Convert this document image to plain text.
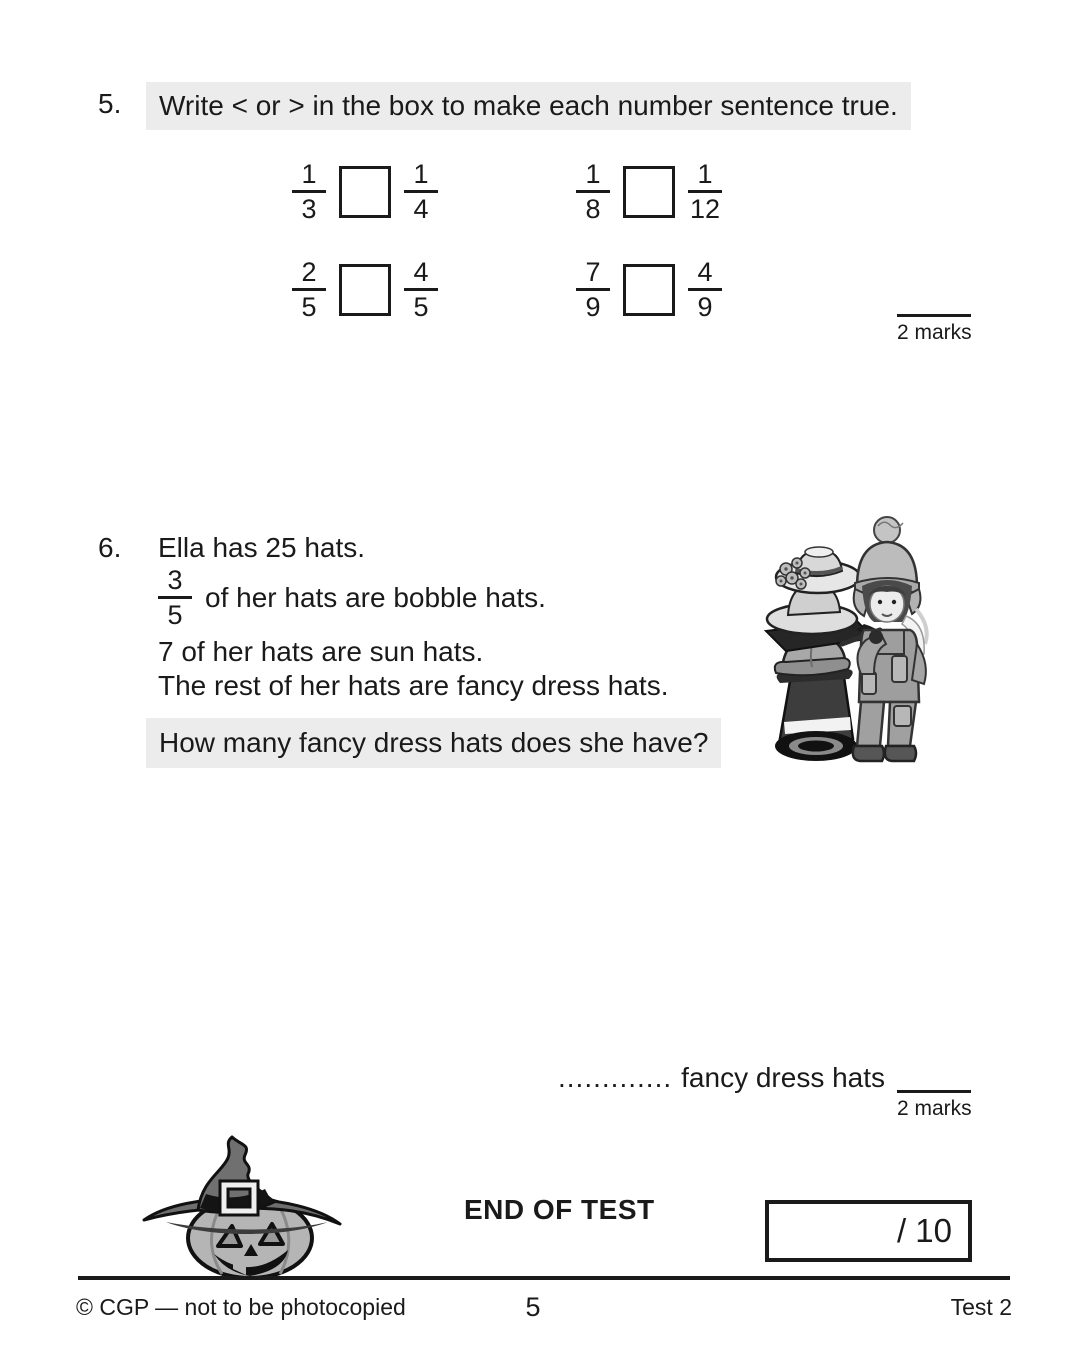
5.	Write < or > in the box to make each number sentence true.
$\frac{1}{3}$	$\frac{1}{4}$	$\frac{1}{8}$	$\frac{1}{12}$
$\frac{2}{5}$	$\frac{4}{5}$	$\frac{7}{9}$	$\frac{4}{9}$
2 marks
6. Ella has 25 hats.
$\frac{3}{5}$ of her hats are bobble hats.
7 of her hats are sun hats.
The rest of her hats are fancy dress hats.
How many fancy dress hats does she have?
............. fancy dress hats
2 marks
END OF TEST
/ 10
© CGP — not to be photocopied	5	Test 2
